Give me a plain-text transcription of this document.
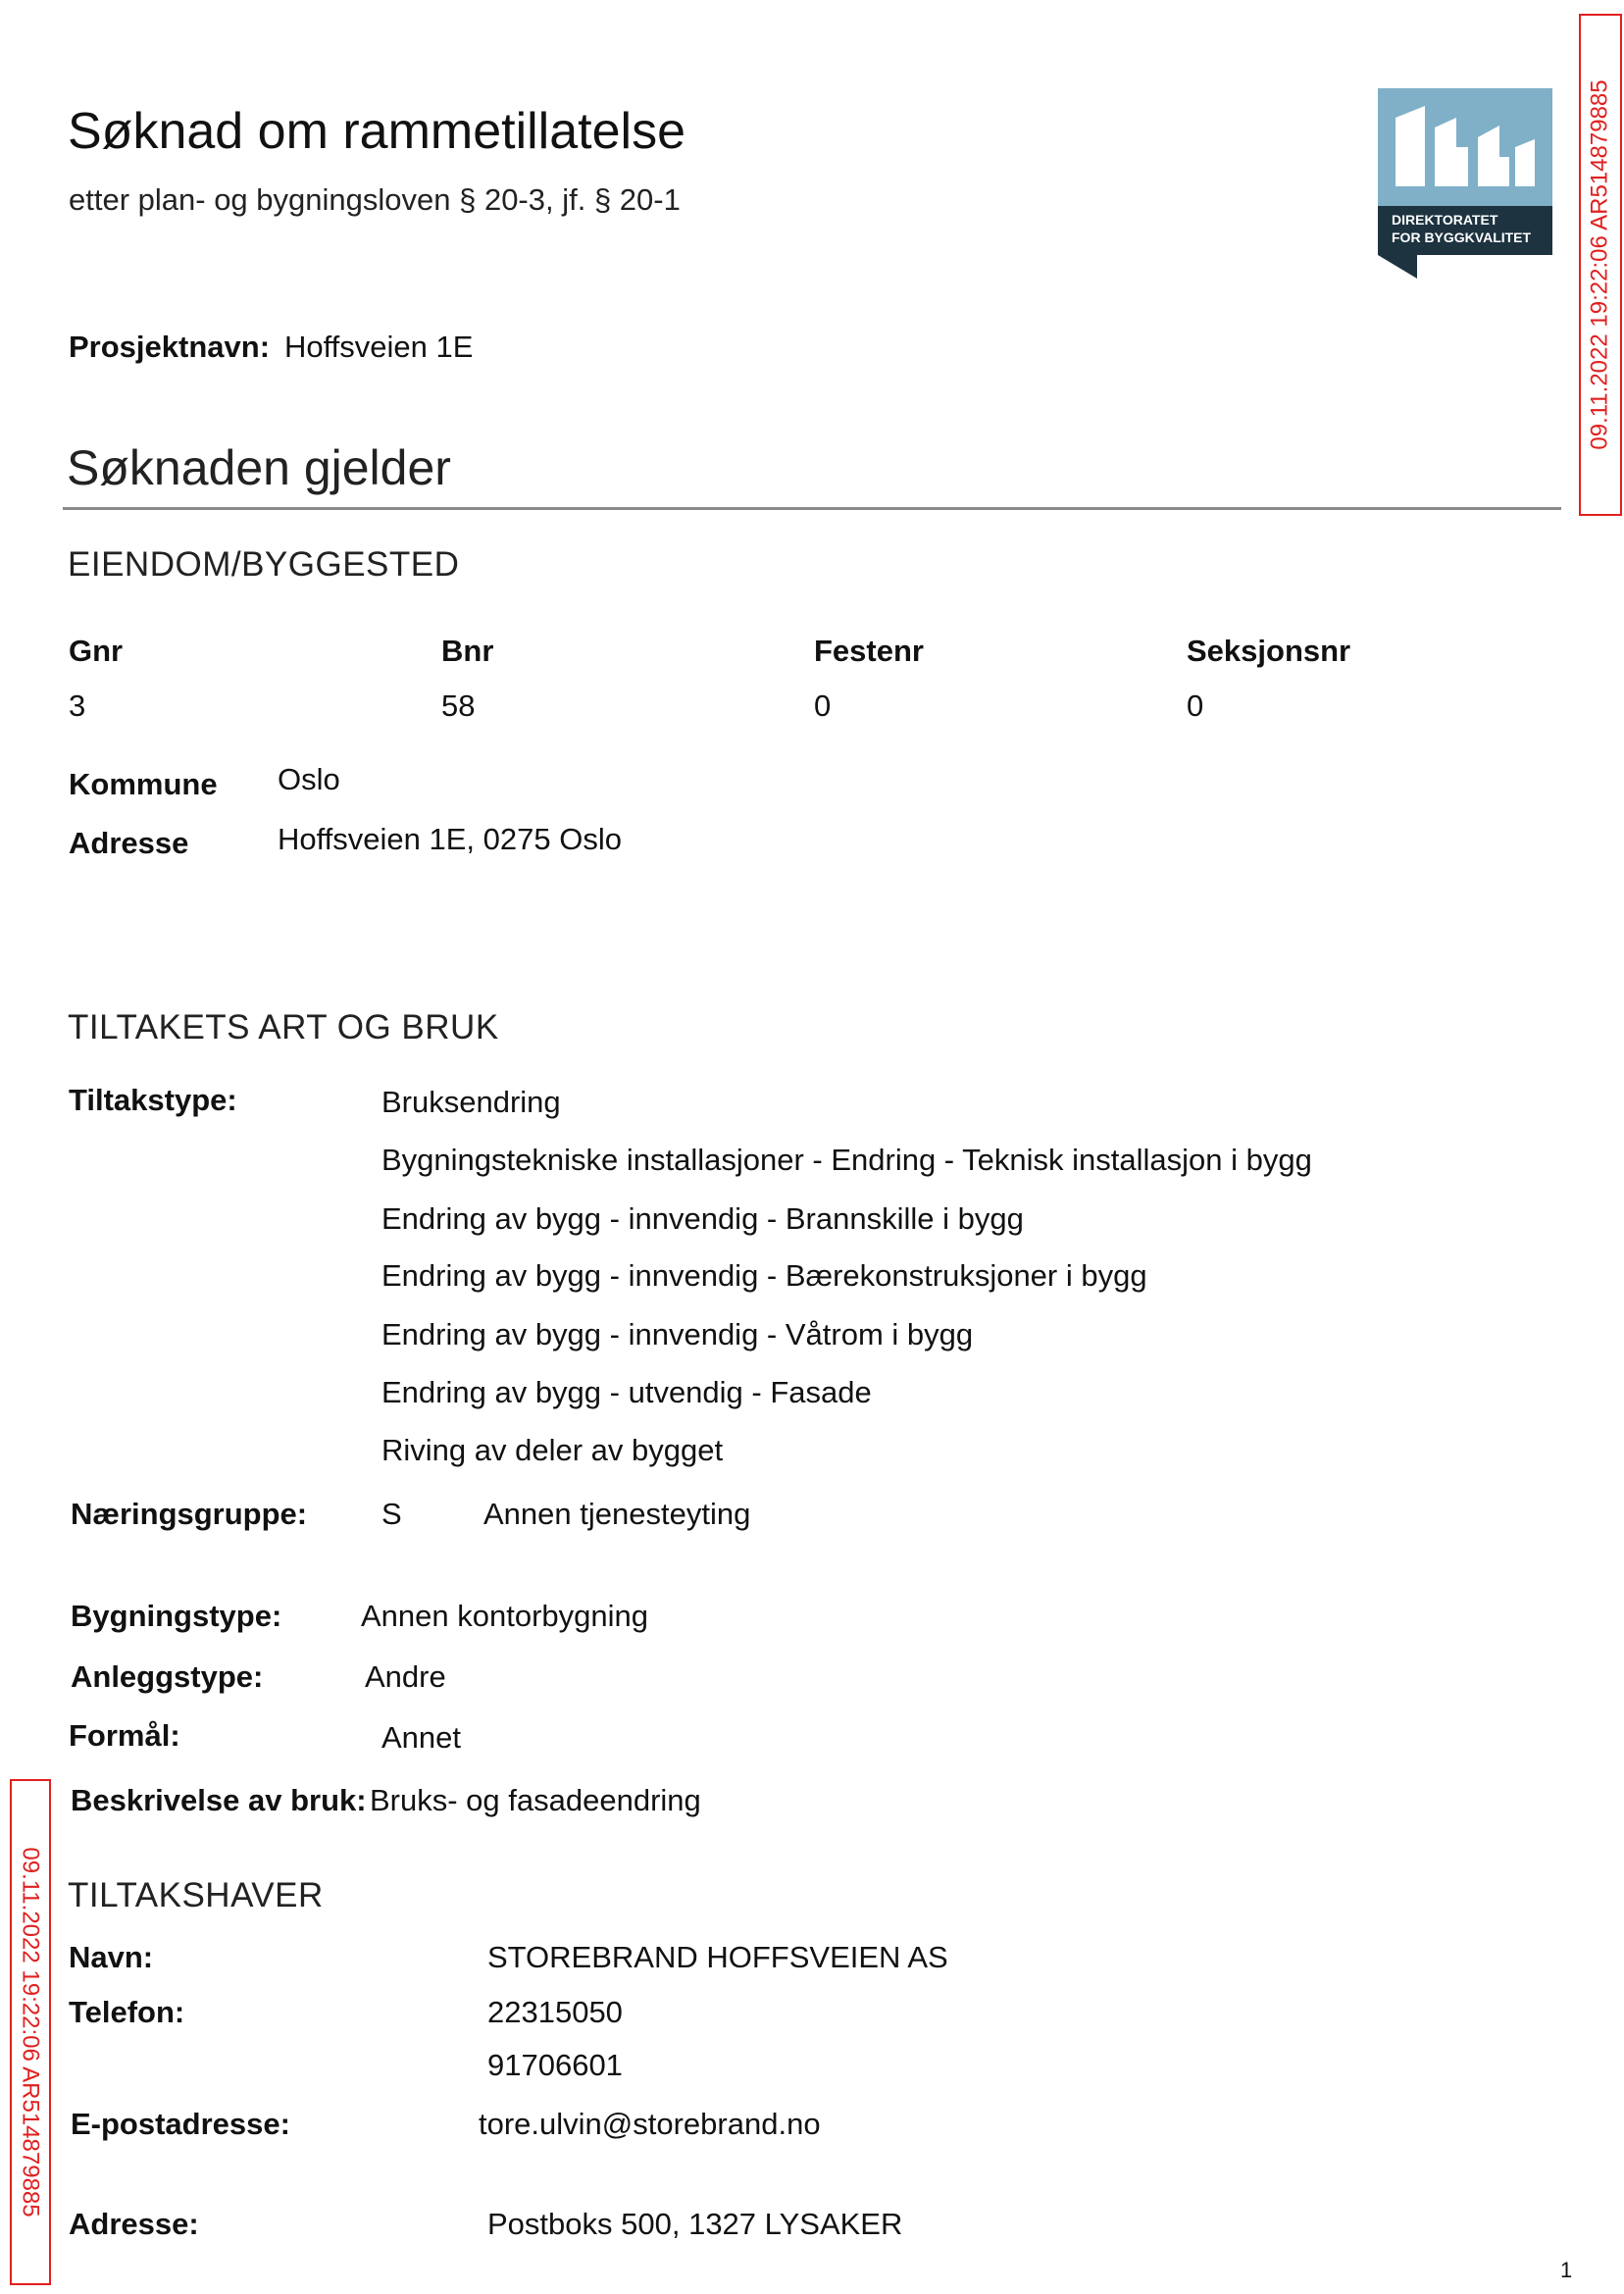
Søknad om rammetillatelse
etter plan- og bygningsloven § 20-3, jf. § 20-1
DIREKTORATET
FOR BYGGKVALITET 09.11.2022 19:22:06 AR514879885
09.11.2022 19:22:06 AR514879885
Prosjektnavn: Hoffsveien 1E
Søknaden gjelder
EIENDOM/BYGGESTED
Gnr	Bnr	Festenr	Seksjonsnr
3	58	0	0
Kommune Oslo
Adresse	Hoffsveien 1E, 0275 Oslo
TILTAKETS ART OG BRUK
Tiltakstype:	Bruksendring
Bygningstekniske installasjoner - Endring - Teknisk installasjon i bygg
Endring av bygg - innvendig - Brannskille i bygg
Endring av bygg - innvendig - Bærekonstruksjoner i bygg
Endring av bygg - innvendig - Våtrom i bygg
Endring av bygg - utvendig - Fasade
Riving av deler av bygget
Næringsgruppe: S	Annen tjenesteyting
Bygningstype:	Annen kontorbygning
Anleggstype:	Andre
Formål:	Annet
Beskrivelse av bruk: Bruks- og fasadeendring
TILTAKSHAVER
Navn:	STOREBRAND HOFFSVEIEN AS
Telefon:	22315050
91706601
E-postadresse:	tore.ulvin@storebrand.no
Adresse:	Postboks 500, 1327 LYSAKER
1
